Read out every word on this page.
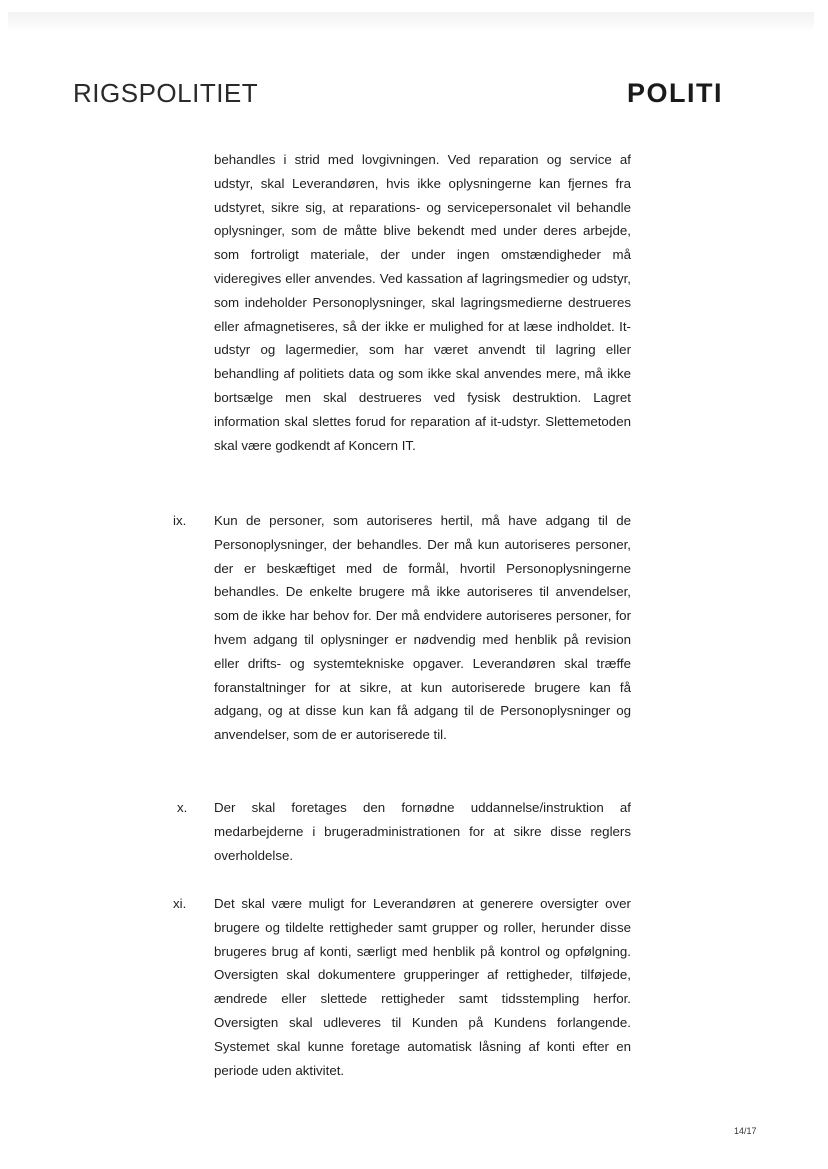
RIGSPOLITIET	POLITI

behandles i strid med lovgivningen. Ved reparation og service af udstyr, skal Leverandøren, hvis ikke oplysningerne kan fjernes fra udstyret, sikre sig, at reparations- og servicepersonalet vil behandle oplysninger, som de måtte blive bekendt med under deres arbejde, som fortroligt materiale, der under ingen omstændigheder må videregives eller anvendes. Ved kassation af lagringsmedier og udstyr, som indeholder Personoplysninger, skal lagringsmedierne destrueres eller afmagnetiseres, så der ikke er mulighed for at læse indholdet. It-udstyr og lagermedier, som har været anvendt til lagring eller behandling af politiets data og som ikke skal anvendes mere, må ikke bortsælge men skal destrueres ved fysisk destruktion. Lagret information skal slettes forud for reparation af it-udstyr. Slettemetoden skal være godkendt af Koncern IT.

ix.	Kun de personer, som autoriseres hertil, må have adgang til de Personoplysninger, der behandles. Der må kun autoriseres personer, der er beskæftiget med de formål, hvortil Personoplysningerne behandles. De enkelte brugere må ikke autoriseres til anvendelser, som de ikke har behov for. Der må endvidere autoriseres personer, for hvem adgang til oplysninger er nødvendig med henblik på revision eller drifts- og systemtekniske opgaver. Leverandøren skal træffe foranstaltninger for at sikre, at kun autoriserede brugere kan få adgang, og at disse kun kan få adgang til de Personoplysninger og anvendelser, som de er autoriserede til.

x.	Der skal foretages den fornødne uddannelse/instruktion af medarbejderne i brugeradministrationen for at sikre disse reglers overholdelse.

xi.	Det skal være muligt for Leverandøren at generere oversigter over brugere og tildelte rettigheder samt grupper og roller, herunder disse brugeres brug af konti, særligt med henblik på kontrol og opfølgning. Oversigten skal dokumentere grupperinger af rettigheder, tilføjede, ændrede eller slettede rettigheder samt tidsstempling herfor. Oversigten skal udleveres til Kunden på Kundens forlangende. Systemet skal kunne foretage automatisk låsning af konti efter en periode uden aktivitet.

14/17
